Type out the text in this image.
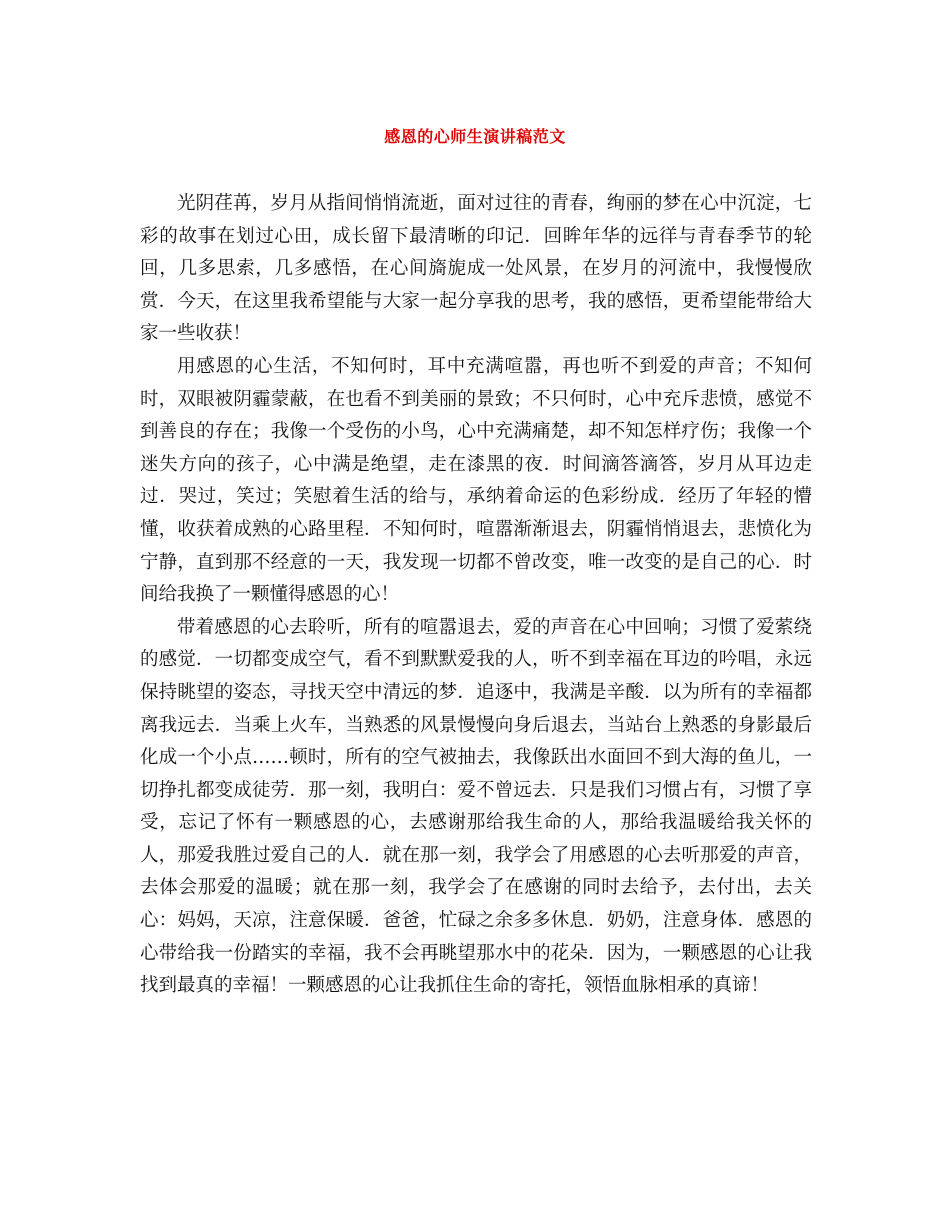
感恩的心师生演讲稿范文

光阴荏苒，岁月从指间悄悄流逝，面对过往的青春，绚丽的梦在心中沉淀，七彩的故事在划过心田，成长留下最清晰的印记．回眸年华的远徉与青春季节的轮回，几多思索，几多感悟，在心间旖旎成一处风景，在岁月的河流中，我慢慢欣赏．今天，在这里我希望能与大家一起分享我的思考，我的感悟，更希望能带给大家一些收获！

用感恩的心生活，不知何时，耳中充满喧嚣，再也听不到爱的声音；不知何时，双眼被阴霾蒙蔽，在也看不到美丽的景致；不只何时，心中充斥悲愤，感觉不到善良的存在；我像一个受伤的小鸟，心中充满痛楚，却不知怎样疗伤；我像一个迷失方向的孩子，心中满是绝望，走在漆黑的夜．时间滴答滴答，岁月从耳边走过．哭过，笑过；笑慰着生活的给与，承纳着命运的色彩纷成．经历了年轻的懵懂，收获着成熟的心路里程．不知何时，喧嚣渐渐退去，阴霾悄悄退去，悲愤化为宁静，直到那不经意的一天，我发现一切都不曾改变，唯一改变的是自己的心．时间给我换了一颗懂得感恩的心！

带着感恩的心去聆听，所有的喧嚣退去，爱的声音在心中回响；习惯了爱萦绕的感觉．一切都变成空气，看不到默默爱我的人，听不到幸福在耳边的吟唱，永远保持眺望的姿态，寻找天空中清远的梦．追逐中，我满是辛酸．以为所有的幸福都离我远去．当乘上火车，当熟悉的风景慢慢向身后退去，当站台上熟悉的身影最后化成一个小点……顿时，所有的空气被抽去，我像跃出水面回不到大海的鱼儿，一切挣扎都变成徒劳．那一刻，我明白：爱不曾远去．只是我们习惯占有，习惯了享受，忘记了怀有一颗感恩的心，去感谢那给我生命的人，那给我温暖给我关怀的人，那爱我胜过爱自己的人．就在那一刻，我学会了用感恩的心去听那爱的声音，去体会那爱的温暖；就在那一刻，我学会了在感谢的同时去给予，去付出，去关心：妈妈，天凉，注意保暖．爸爸，忙碌之余多多休息．奶奶，注意身体．感恩的心带给我一份踏实的幸福，我不会再眺望那水中的花朵．因为，一颗感恩的心让我找到最真的幸福！一颗感恩的心让我抓住生命的寄托，领悟血脉相承的真谛！
